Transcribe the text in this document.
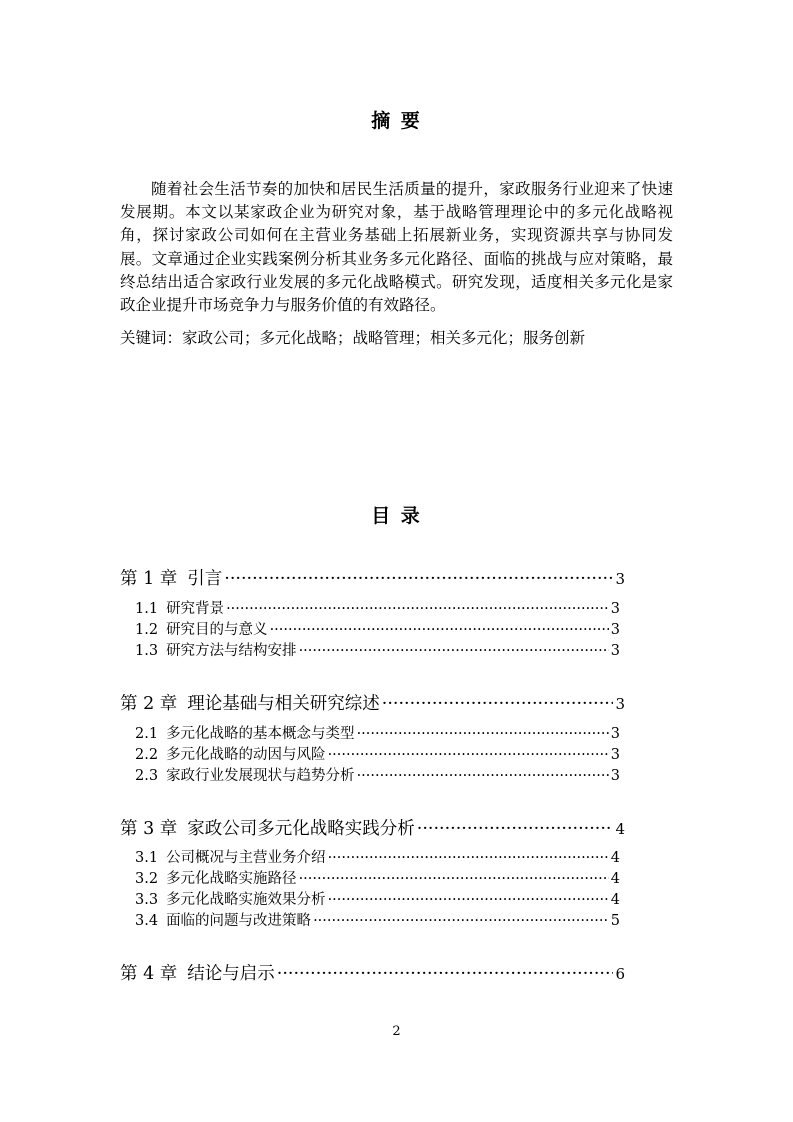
摘 要

随着社会生活节奏的加快和居民生活质量的提升，家政服务行业迎来了快速发展期。本文以某家政企业为研究对象，基于战略管理理论中的多元化战略视角，探讨家政公司如何在主营业务基础上拓展新业务，实现资源共享与协同发展。文章通过企业实践案例分析其业务多元化路径、面临的挑战与应对策略，最终总结出适合家政行业发展的多元化战略模式。研究发现，适度相关多元化是家政企业提升市场竞争力与服务价值的有效路径。

关键词：家政公司；多元化战略；战略管理；相关多元化；服务创新
目 录
第 1 章 引言 ·····	3
1.1 研究背景 ·····	3
1.2 研究目的与意义 ·····	3
1.3 研究方法与结构安排 ·····	3
第 2 章 理论基础与相关研究综述 ·····	3
2.1 多元化战略的基本概念与类型 ·····	3
2.2 多元化战略的动因与风险 ·····	3
2.3 家政行业发展现状与趋势分析 ·····	3
第 3 章 家政公司多元化战略实践分析 ·····	4
3.1 公司概况与主营业务介绍 ·····	4
3.2 多元化战略实施路径 ·····	4
3.3 多元化战略实施效果分析 ·····	4
3.4 面临的问题与改进策略 ·····	5
第 4 章 结论与启示 ·····	6
2
